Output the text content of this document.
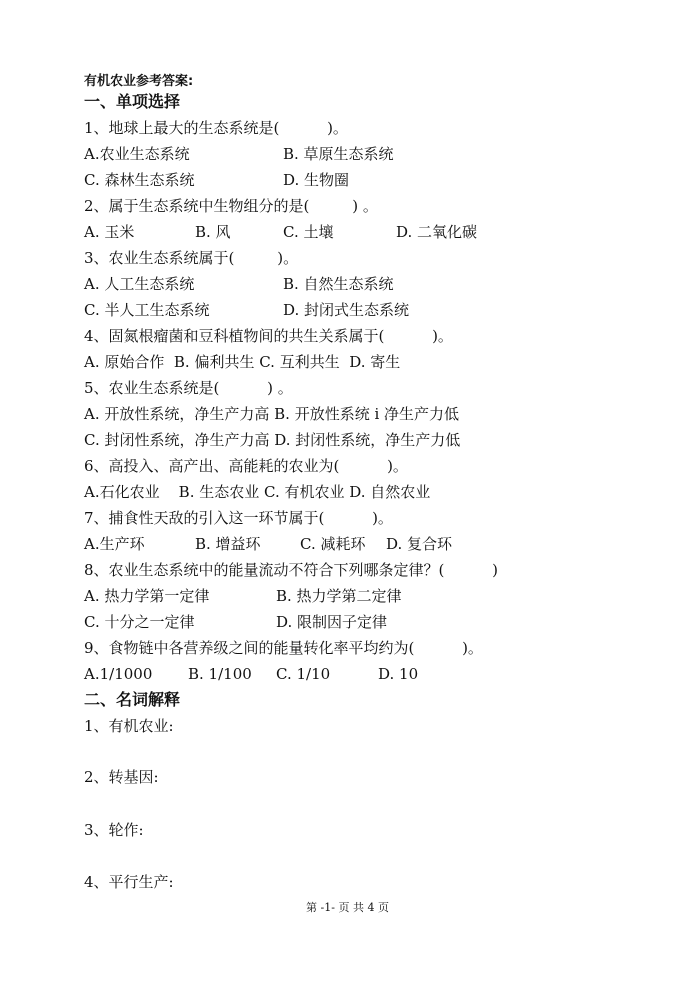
有机农业参考答案:
一、单项选择
1、地球上最大的生态系统是(          )。
A.农业生态系统	B. 草原生态系统
C. 森林生态系统	D. 生物圈
2、属于生态系统中生物组分的是(         ) 。
A. 玉米	B. 风	C. 土壤	D. 二氧化碳
3、农业生态系统属于(         )。
A. 人工生态系统	B. 自然生态系统
C. 半人工生态系统	D. 封闭式生态系统
4、固氮根瘤菌和豆科植物间的共生关系属于(          )。
A. 原始合作  B. 偏利共生 C. 互利共生  D. 寄生
5、农业生态系统是(          ) 。
A. 开放性系统，净生产力高 B. 开放性系统 i 净生产力低
C. 封闭性系统，净生产力高 D. 封闭性系统，净生产力低
6、高投入、高产出、高能耗的农业为(          )。
A.石化农业    B. 生态农业 C. 有机农业 D. 自然农业
7、捕食性天敌的引入这一环节属于(          )。
A.生产环	B. 增益环	C. 减耗环 D. 复合环
8、农业生态系统中的能量流动不符合下列哪条定律？(          )
A. 热力学第一定律	B. 热力学第二定律
C. 十分之一定律	D. 限制因子定律
9、食物链中各营养级之间的能量转化率平均约为(          )。
A.1/1000 B. 1/100 C. 1/10	D. 10
二、名词解释
1、有机农业:
2、转基因:
3、轮作:
4、平行生产:
第 -1- 页 共 4 页
